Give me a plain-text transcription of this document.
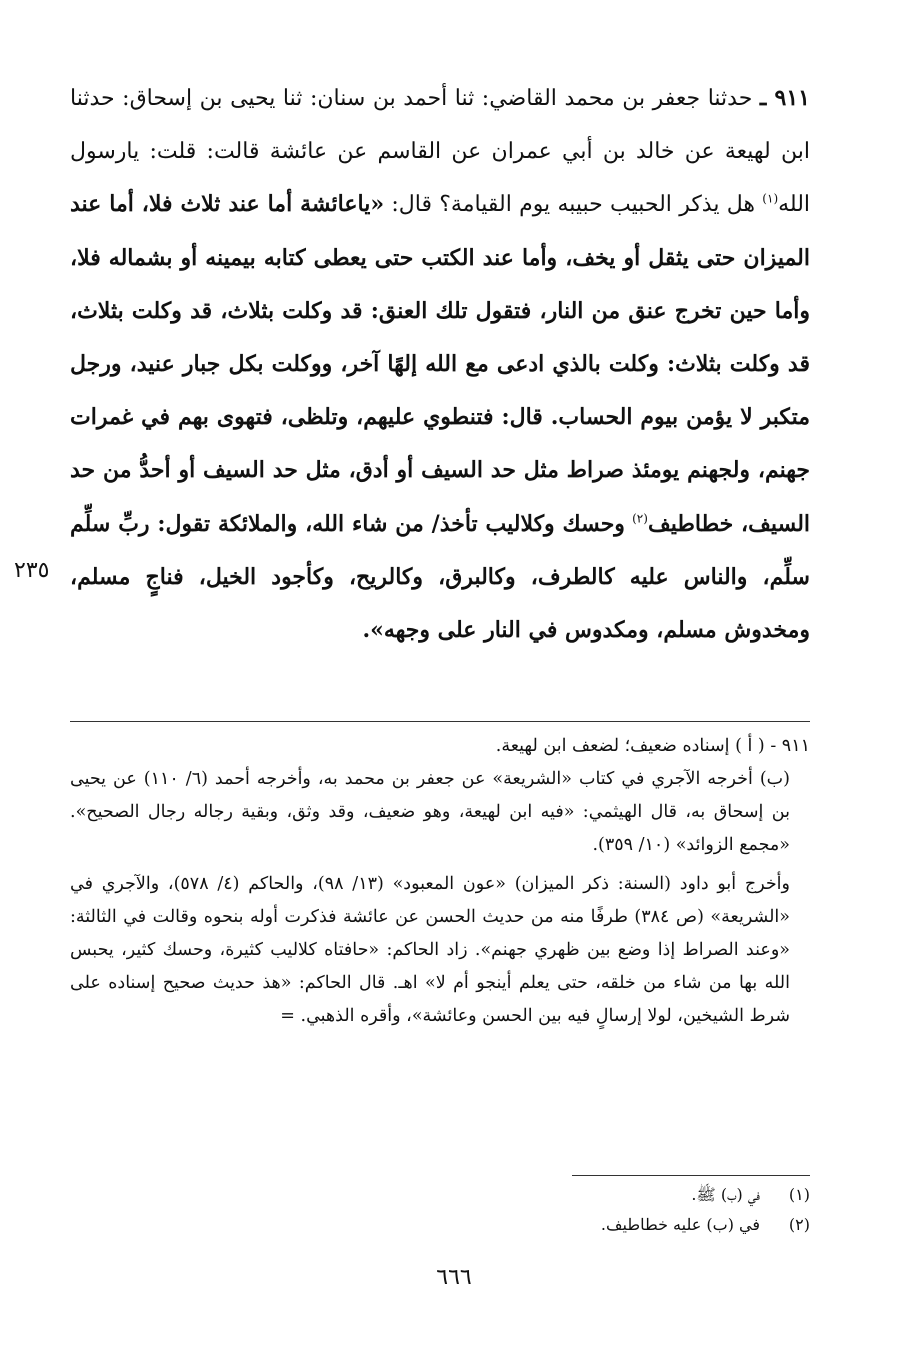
٩١١ ـ حدثنا جعفر بن محمد القاضي: ثنا أحمد بن سنان: ثنا يحيى بن إسحاق: حدثنا ابن لهيعة عن خالد بن أبي عمران عن القاسم عن عائشة قالت: قلت: يارسول الله$^{(١)}$ هل يذكر الحبيب حبيبه يوم القيامة؟ قال: «ياعائشة أما عند ثلاث فلا، أما عند الميزان حتى يثقل أو يخف، وأما عند الكتب حتى يعطى كتابه بيمينه أو بشماله فلا، وأما حين تخرج عنق من النار، فتقول تلك العنق: قد وكلت بثلاث، قد وكلت بثلاث، قد وكلت بثلاث: وكلت بالذي ادعى مع الله إلهًا آخر، ووكلت بكل جبار عنيد، ورجل متكبر لا يؤمن بيوم الحساب. قال: فتنطوي عليهم، وتلظى، فتهوى بهم في غمرات جهنم، ولجهنم يومئذ صراط مثل حد السيف أو أدق، مثل حد السيف أو أحدُّ من حد السيف، خطاطيف$^{(٢)}$ وحسك وكلاليب تأخذ/ من شاء الله، والملائكة تقول: ربِّ سلِّم سلِّم، والناس عليه كالطرف، وكالبرق، وكالريح، وكأجود الخيل، فناجٍ مسلم، ومخدوش مسلم، ومكدوس في النار على وجهه».

٢٣٥

٩١١ - ( أ ) إسناده ضعيف؛ لضعف ابن لهيعة.

(ب) أخرجه الآجري في كتاب «الشريعة» عن جعفر بن محمد به، وأخرجه أحمد (٦/ ١١٠) عن يحيى بن إسحاق به، قال الهيثمي: «فيه ابن لهيعة، وهو ضعيف، وقد وثق، وبقية رجاله رجال الصحيح». «مجمع الزوائد» (١٠/ ٣٥٩).

وأخرج أبو داود (السنة: ذكر الميزان) «عون المعبود» (١٣/ ٩٨)، والحاكم (٤/ ٥٧٨)، والآجري في «الشريعة» (ص ٣٨٤) طرفًا منه من حديث الحسن عن عائشة فذكرت أوله بنحوه وقالت في الثالثة: «وعند الصراط إذا وضع بين ظهري جهنم». زاد الحاكم: «حافتاه كلاليب كثيرة، وحسك كثير، يحبس الله بها من شاء من خلقه، حتى يعلم أينجو أم لا» اهـ. قال الحاكم: «هذ حديث صحيح إسناده على شرط الشيخين، لولا إرسالٍ فيه بين الحسن وعائشة»، وأقره الذهبي. =

(١)
في (ب) ﷺ.
(٢)
في (ب) عليه خطاطيف.
٦٦٦
